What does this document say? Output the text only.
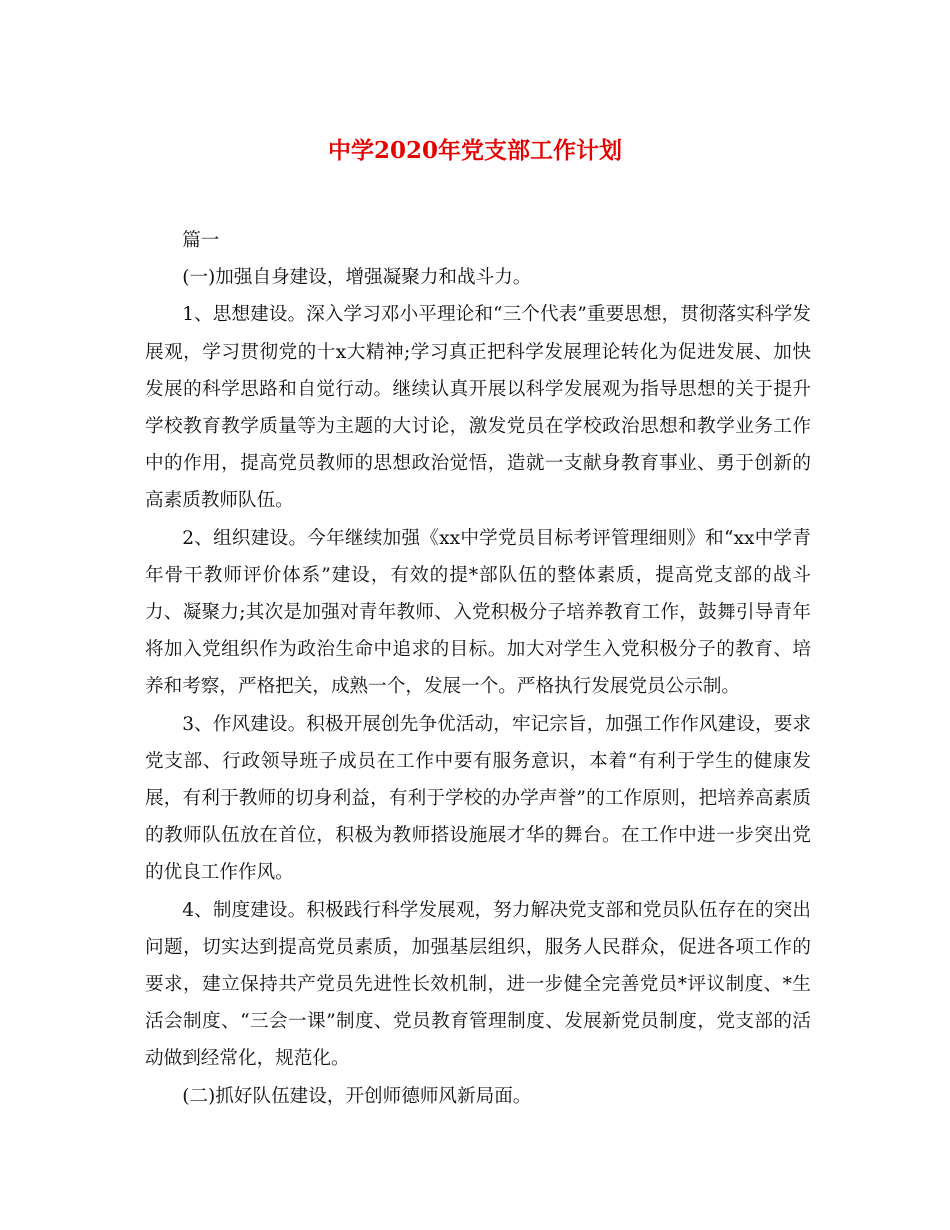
中学2020年党支部工作计划

篇一

(一)加强自身建设，增强凝聚力和战斗力。

1、思想建设。深入学习邓小平理论和“三个代表”重要思想，贯彻落实科学发展观，学习贯彻党的十x大精神;学习真正把科学发展理论转化为促进发展、加快发展的科学思路和自觉行动。继续认真开展以科学发展观为指导思想的关于提升学校教育教学质量等为主题的大讨论，激发党员在学校政治思想和教学业务工作中的作用，提高党员教师的思想政治觉悟，造就一支献身教育事业、勇于创新的高素质教师队伍。

2、组织建设。今年继续加强《xx中学党员目标考评管理细则》和“xx中学青年骨干教师评价体系”建设，有效的提*部队伍的整体素质，提高党支部的战斗力、凝聚力;其次是加强对青年教师、入党积极分子培养教育工作，鼓舞引导青年将加入党组织作为政治生命中追求的目标。加大对学生入党积极分子的教育、培养和考察，严格把关，成熟一个，发展一个。严格执行发展党员公示制。

3、作风建设。积极开展创先争优活动，牢记宗旨，加强工作作风建设，要求党支部、行政领导班子成员在工作中要有服务意识，本着“有利于学生的健康发展，有利于教师的切身利益，有利于学校的办学声誉”的工作原则，把培养高素质的教师队伍放在首位，积极为教师搭设施展才华的舞台。在工作中进一步突出党的优良工作作风。

4、制度建设。积极践行科学发展观，努力解决党支部和党员队伍存在的突出问题，切实达到提高党员素质，加强基层组织，服务人民群众，促进各项工作的要求，建立保持共产党员先进性长效机制，进一步健全完善党员*评议制度、*生活会制度、“三会一课”制度、党员教育管理制度、发展新党员制度，党支部的活动做到经常化，规范化。

(二)抓好队伍建设，开创师德师风新局面。
